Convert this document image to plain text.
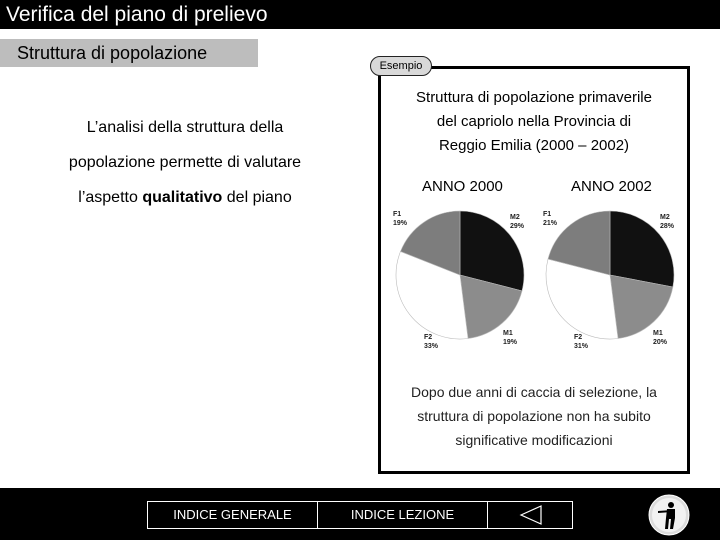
Verifica del piano di prelievo
Struttura di popolazione
L’analisi della struttura della
popolazione permette di valutare
l’aspetto qualitativo del piano
Esempio
Struttura di popolazione primaverile
del capriolo nella Provincia di
Reggio Emilia (2000 – 2002)
ANNO 2000	ANNO 2002
M2
29%
M1
19%
F2
33%
F1
19%
M2
28%
M1
20%
F2
31%
F1
21%
Dopo due anni di caccia di selezione, la
struttura di popolazione non ha subito
significative modificazioni
INDICE GENERALE	INDICE LEZIONE
